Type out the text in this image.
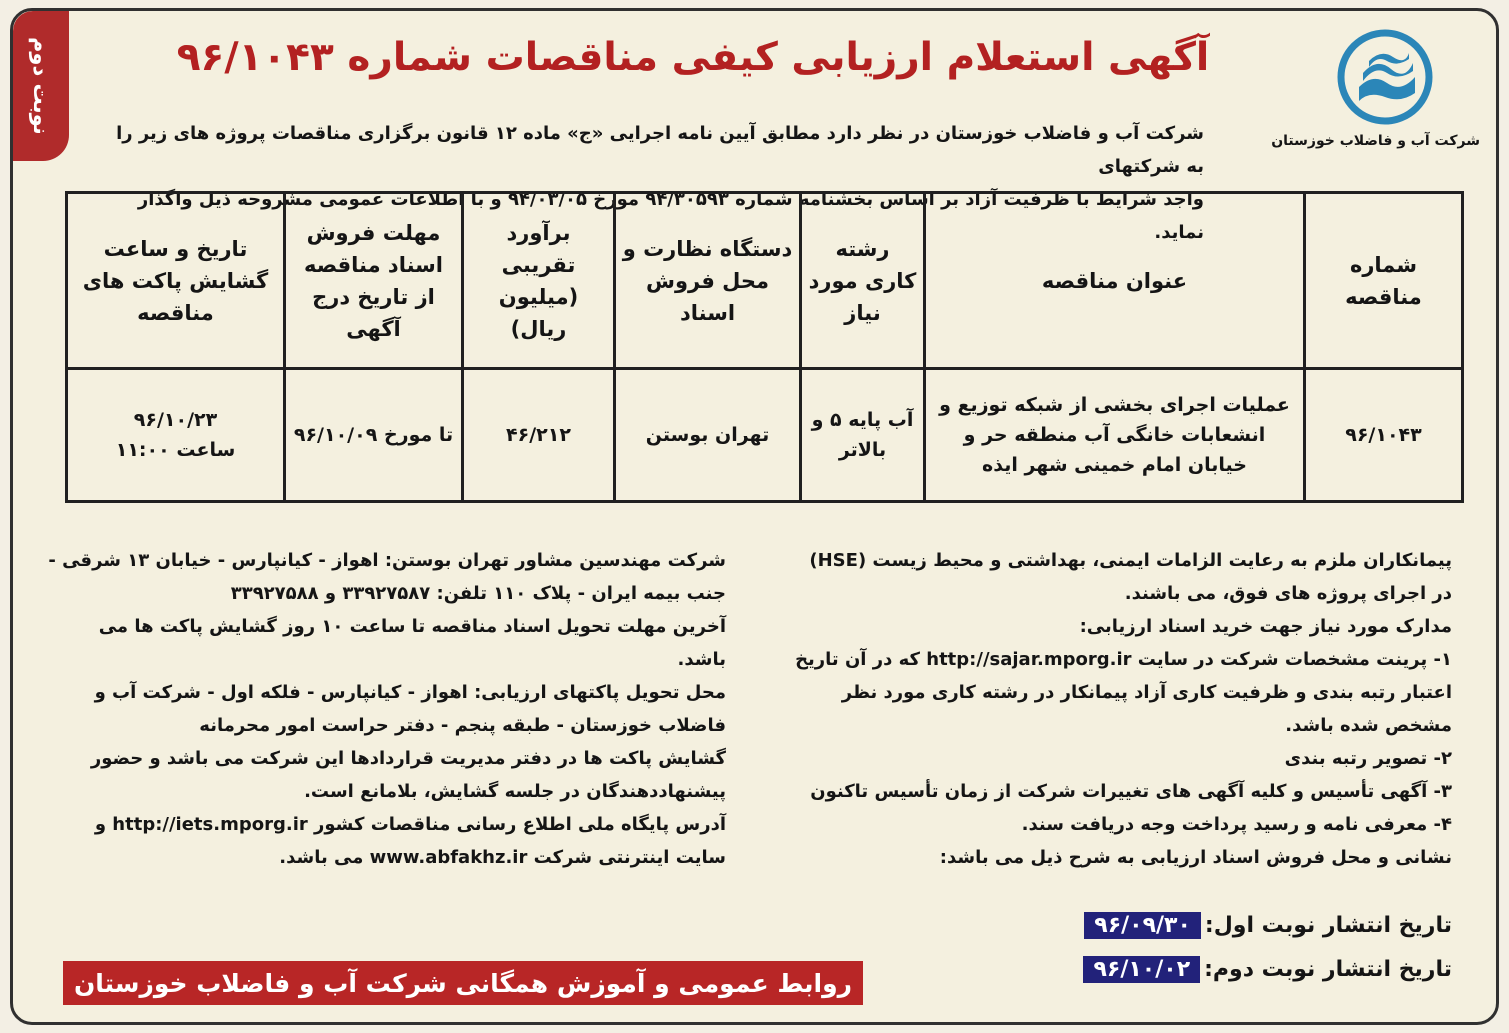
نوبت دوم
شرکت آب و فاضلاب خوزستان
آگهی استعلام ارزیابی کیفی مناقصات شماره ۹۶/۱۰۴۳
شرکت آب و فاضلاب خوزستان در نظر دارد مطابق آیین نامه اجرایی «ج» ماده ۱۲ قانون برگزاری مناقصات پروژه های زیر را به شرکتهای
واجد شرایط با ظرفیت آزاد بر اساس بخشنامه شماره ۹۴/۳۰۵۹۳ مورخ ۹۴/۰۳/۰۵ و با اطلاعات عمومی مشروحه ذیل واگذار نماید.
شماره مناقصه	عنوان مناقصه	رشته کاری مورد نیاز	دستگاه نظارت و محل فروش اسناد	برآورد تقریبی (میلیون ریال)	مهلت فروش اسناد مناقصه از تاریخ درج آگهی	تاریخ و ساعت گشایش پاکت های مناقصه
۹۶/۱۰۴۳	عملیات اجرای بخشی از شبکه توزیع و انشعابات خانگی آب منطقه حر و خیابان امام خمینی شهر ایذه	آب پایه ۵ و بالاتر	تهران بوستن	۴۶/۲۱۲	تا مورخ ۹۶/۱۰/۰۹	۹۶/۱۰/۲۳
ساعت ۱۱:۰۰

پیمانکاران ملزم به رعایت الزامات ایمنی، بهداشتی و محیط زیست (HSE) در اجرای پروژه های فوق، می باشند.

مدارک مورد نیاز جهت خرید اسناد ارزیابی:

۱- پرینت مشخصات شرکت در سایت http://sajar.mporg.ir که در آن تاریخ اعتبار رتبه بندی و ظرفیت کاری آزاد پیمانکار در رشته کاری مورد نظر مشخص شده باشد.

۲- تصویر رتبه بندی

۳- آگهی تأسیس و کلیه آگهی های تغییرات شرکت از زمان تأسیس تاکنون

۴- معرفی نامه و رسید پرداخت وجه دریافت سند.

نشانی و محل فروش اسناد ارزیابی به شرح ذیل می باشد:

شرکت مهندسین مشاور تهران بوستن: اهواز - کیانپارس - خیابان ۱۳ شرقی - جنب بیمه ایران - پلاک ۱۱۰ تلفن: ۳۳۹۲۷۵۸۷ و ۳۳۹۲۷۵۸۸

آخرین مهلت تحویل اسناد مناقصه تا ساعت ۱۰ روز گشایش پاکت ها می باشد.

محل تحویل پاکتهای ارزیابی: اهواز - کیانپارس - فلکه اول - شرکت آب و فاضلاب خوزستان - طبقه پنجم - دفتر حراست امور محرمانه

گشایش پاکت ها در دفتر مدیریت قراردادها این شرکت می باشد و حضور پیشنهاددهندگان در جلسه گشایش، بلامانع است.

آدرس پایگاه ملی اطلاع رسانی مناقصات کشور http://iets.mporg.ir و سایت اینترنتی شرکت www.abfakhz.ir می باشد.

تاریخ انتشار نوبت اول:۹۶/۰۹/۳۰
تاریخ انتشار نوبت دوم:۹۶/۱۰/۰۲
روابط عمومی و آموزش همگانی شرکت آب و فاضلاب خوزستان
